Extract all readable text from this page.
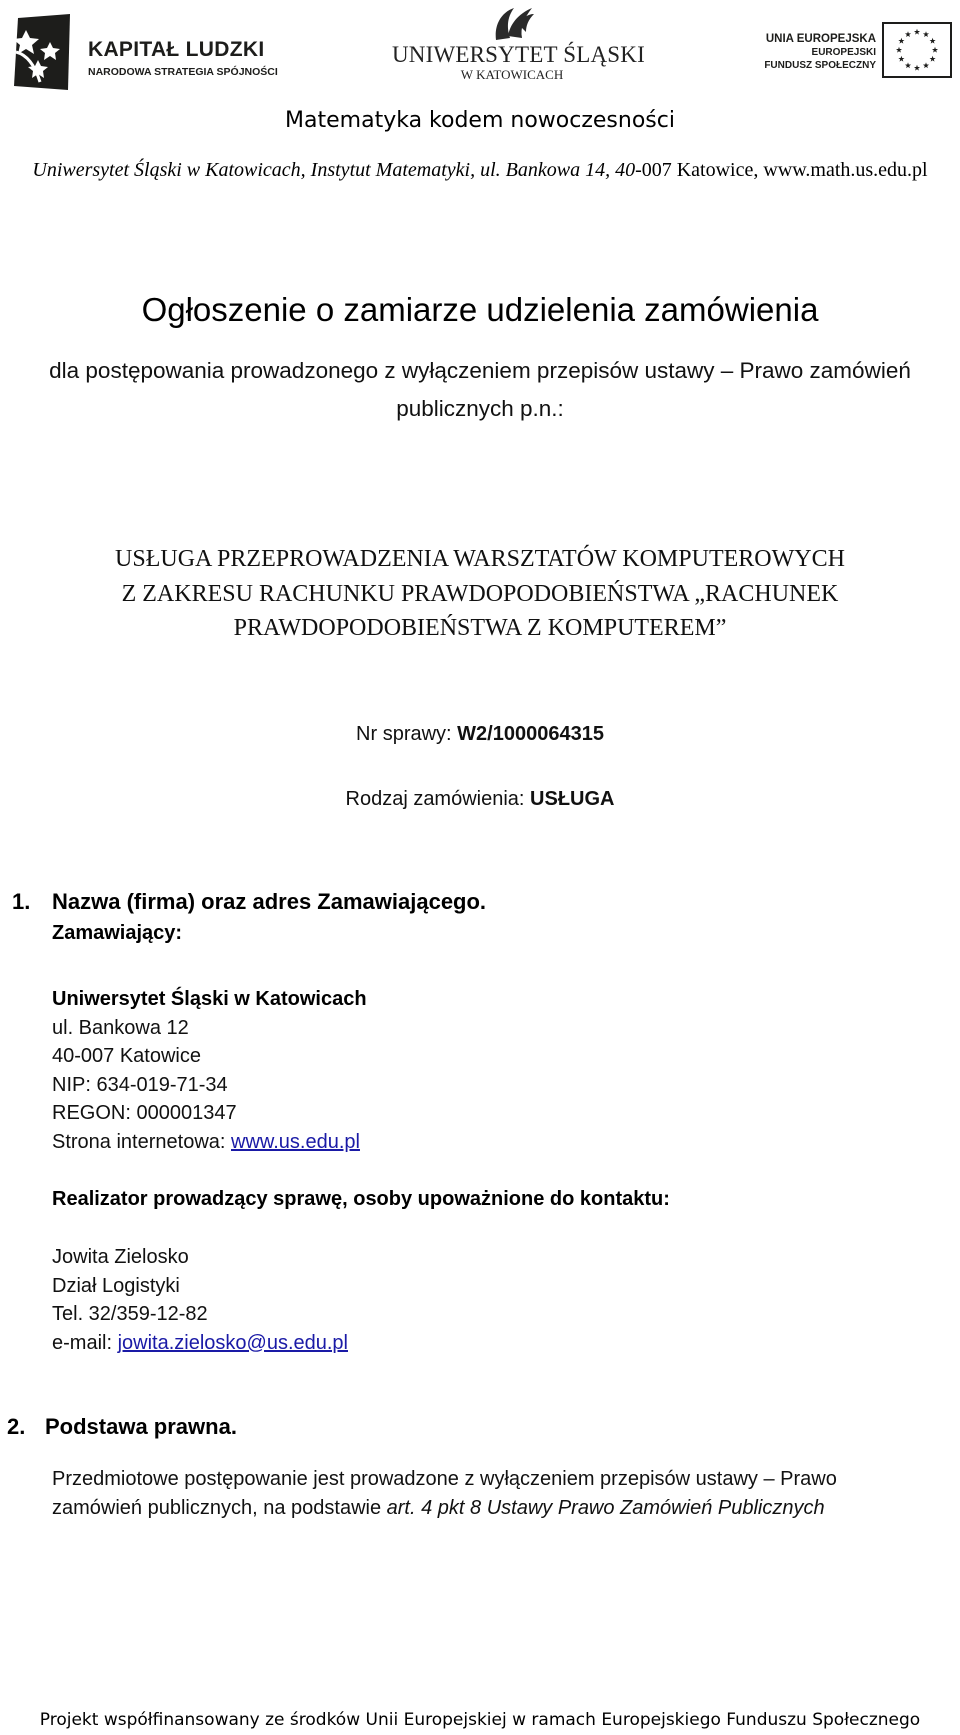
KAPITAŁ LUDZKI
NARODOWA STRATEGIA SPÓJNOŚCI
UNIWERSYTET ŚLĄSKI
W KATOWICACH
UNIA EUROPEJSKA
EUROPEJSKI
FUNDUSZ SPOŁECZNY
Matematyka kodem nowoczesności
Uniwersytet Śląski w Katowicach, Instytut Matematyki, ul. Bankowa 14, 40-007 Katowice, www.math.us.edu.pl
Ogłoszenie o zamiarze udzielenia zamówienia
dla postępowania prowadzonego z wyłączeniem przepisów ustawy – Prawo zamówień publicznych p.n.:
USŁUGA PRZEPROWADZENIA WARSZTATÓW KOMPUTEROWYCH
Z ZAKRESU RACHUNKU PRAWDOPODOBIEŃSTWA „RACHUNEK
PRAWDOPODOBIEŃSTWA Z KOMPUTEREM”
Nr sprawy: W2/1000064315
Rodzaj zamówienia: USŁUGA
1. Nazwa (firma) oraz adres Zamawiającego.
Zamawiający:
Uniwersytet Śląski w Katowicach
ul. Bankowa 12
40-007 Katowice
NIP: 634-019-71-34
REGON: 000001347
Strona internetowa: www.us.edu.pl
Realizator prowadzący sprawę, osoby upoważnione do kontaktu:
Jowita Zielosko
Dział Logistyki
Tel. 32/359-12-82
e-mail: jowita.zielosko@us.edu.pl
2. Podstawa prawna.
Przedmiotowe postępowanie jest prowadzone z wyłączeniem przepisów ustawy – Prawo
zamówień publicznych, na podstawie art. 4 pkt 8 Ustawy Prawo Zamówień Publicznych
Projekt współfinansowany ze środków Unii Europejskiej w ramach Europejskiego Funduszu Społecznego
